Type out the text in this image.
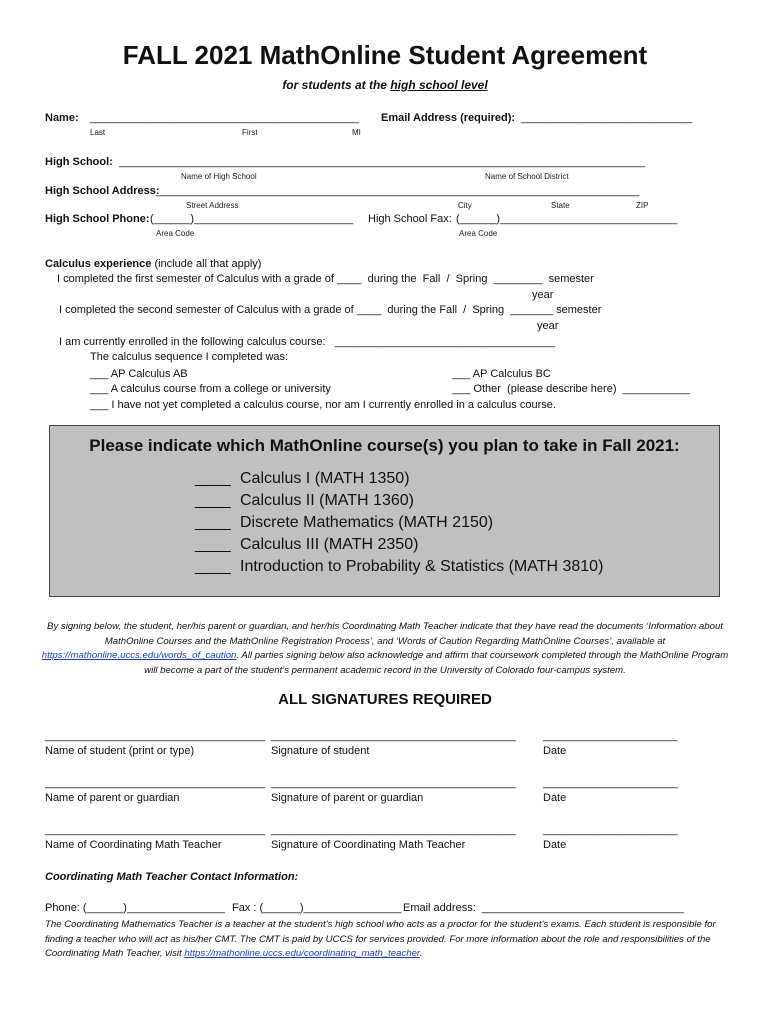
FALL 2021 MathOnline Student Agreement
for students at the high school level
Name: ____________________________________________ Email Address (required): ____________________________
Last	First	MI
High School: ______________________________________________________________________________________
Name of High School	Name of School District
High School Address:
_______________________________________________________________________________
Street Address	City	State	ZIP
High School Phone: (______)__________________________ High School Fax: (______)_____________________________
Area Code	Area Code
Calculus experience (include all that apply)
I completed the first semester of Calculus with a grade of ____  during the  Fall  /  Spring  ________  semester
year
I completed the second semester of Calculus with a grade of ____  during the Fall  /  Spring  _______ semester
year
I am currently enrolled in the following calculus course:   ____________________________________
The calculus sequence I completed was:
___ AP Calculus AB	___ AP Calculus BC
___ A calculus course from a college or university	___ Other  (please describe here)  ___________
___ I have not yet completed a calculus course, nor am I currently enrolled in a calculus course.
Please indicate which MathOnline course(s) you plan to take in Fall 2021:
____ Calculus I (MATH 1350)
____ Calculus II (MATH 1360)
____ Discrete Mathematics (MATH 2150)
____ Calculus III (MATH 2350)
____ Introduction to Probability & Statistics (MATH 3810)
By signing below, the student, her/his parent or guardian, and her/his Coordinating Math Teacher indicate that they have read the documents ‘Information about MathOnline Courses and the MathOnline Registration Process’, and ‘Words of Caution Regarding MathOnline Courses’, available at https://mathonline.uccs.edu/words_of_caution. All parties signing below also acknowledge and affirm that coursework completed through the MathOnline Program will become a part of the student’s permanent academic record in the University of Colorado four-campus system.
ALL SIGNATURES REQUIRED
____________________________________ ________________________________________ ______________________
Name of student (print or type)	Signature of student	Date
____________________________________ ________________________________________ ______________________
Name of parent or guardian	Signature of parent or guardian	Date
____________________________________ ________________________________________ ______________________
Name of Coordinating Math Teacher	Signature of Coordinating Math Teacher	Date
Coordinating Math Teacher Contact Information:
Phone: (______)________________ Fax : (______)________________ Email address:  _________________________________
The Coordinating Mathematics Teacher is a teacher at the student’s high school who acts as a proctor for the student’s exams. Each student is responsible for finding a teacher who will act as his/her CMT. The CMT is paid by UCCS for services provided. For more information about the role and responsibilities of the Coordinating Math Teacher, visit https://mathonline.uccs.edu/coordinating_math_teacher.
